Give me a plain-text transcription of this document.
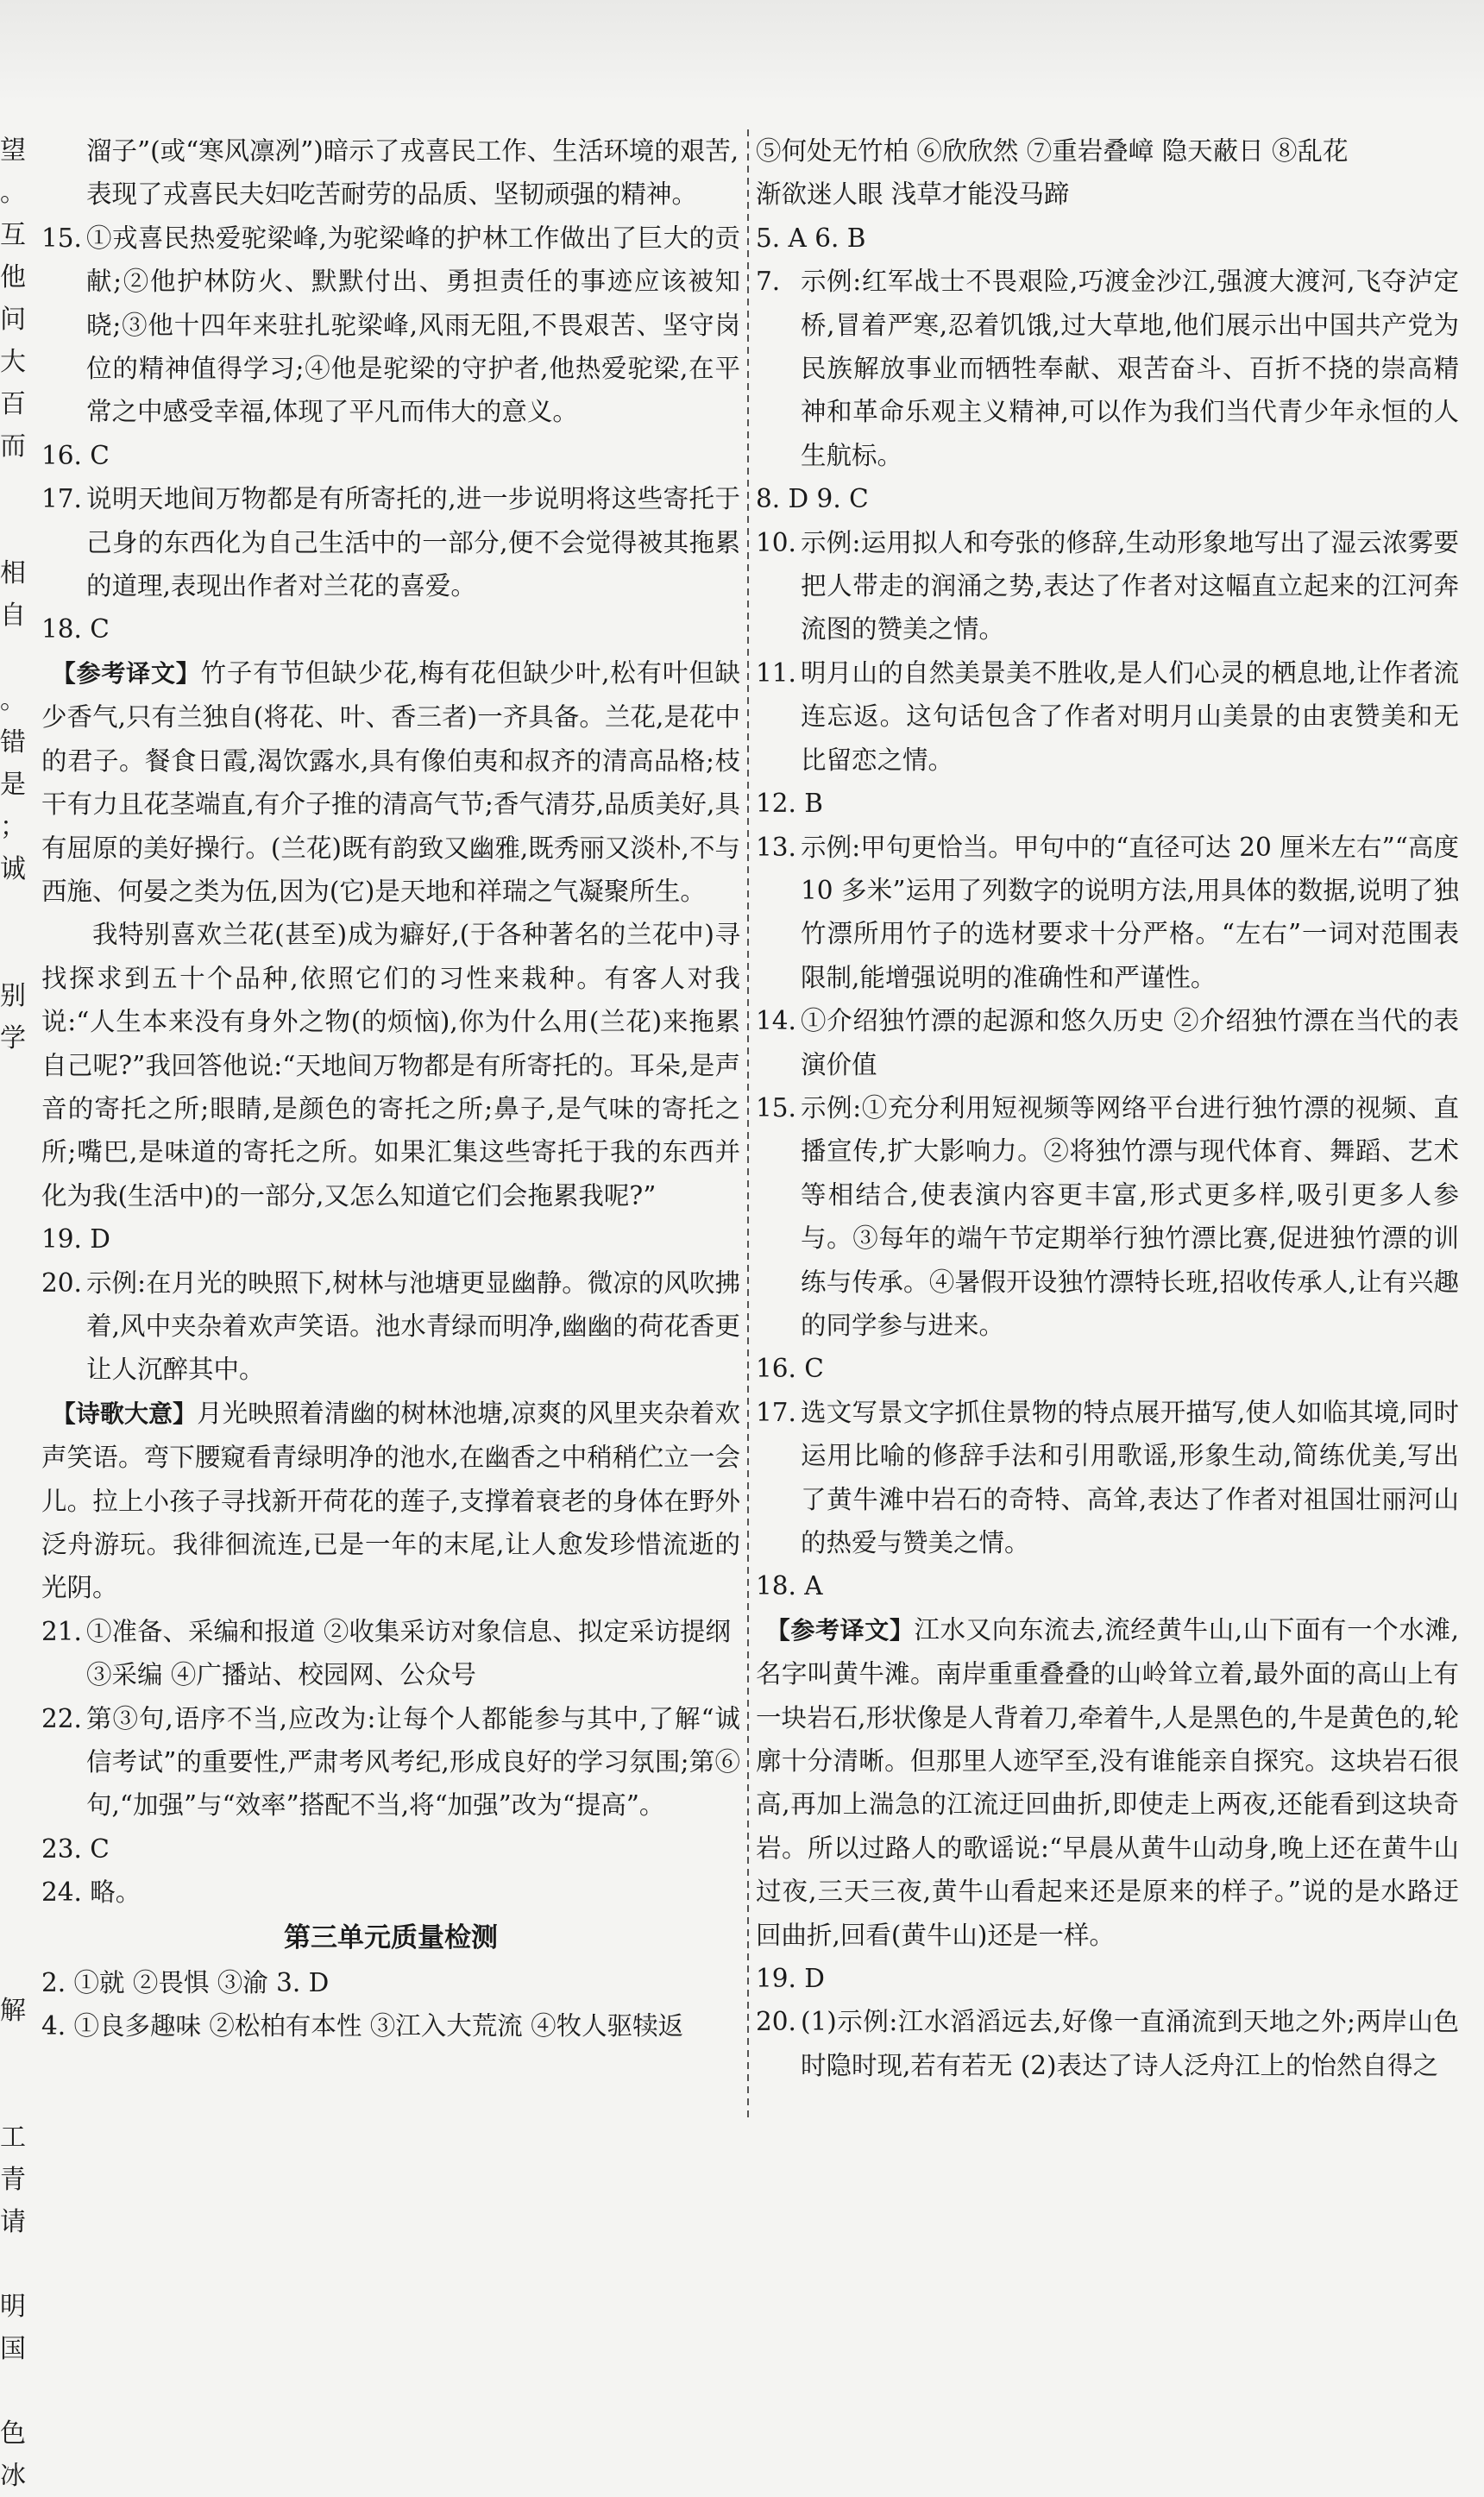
望
。
互
他
问
大
百
而
相
自
。
错
是
；
诚
别
学
解
工
青
请
明
国
色
冰
溜子”(或“寒风凛冽”)暗示了戎喜民工作、生活环境的艰苦,
表现了戎喜民夫妇吃苦耐劳的品质、坚韧顽强的精神。
15. ①戎喜民热爱驼梁峰,为驼梁峰的护林工作做出了巨大的贡献;②他护林防火、默默付出、勇担责任的事迹应该被知晓;③他十四年来驻扎驼梁峰,风雨无阻,不畏艰苦、坚守岗位的精神值得学习;④他是驼梁的守护者,他热爱驼梁,在平常之中感受幸福,体现了平凡而伟大的意义。
16. C
17. 说明天地间万物都是有所寄托的,进一步说明将这些寄托于己身的东西化为自己生活中的一部分,便不会觉得被其拖累的道理,表现出作者对兰花的喜爱。
18. C
【参考译文】竹子有节但缺少花,梅有花但缺少叶,松有叶但缺少香气,只有兰独自(将花、叶、香三者)一齐具备。兰花,是花中的君子。餐食日霞,渴饮露水,具有像伯夷和叔齐的清高品格;枝干有力且花茎端直,有介子推的清高气节;香气清芬,品质美好,具有屈原的美好操行。(兰花)既有韵致又幽雅,既秀丽又淡朴,不与西施、何晏之类为伍,因为(它)是天地和祥瑞之气凝聚所生。
我特别喜欢兰花(甚至)成为癖好,(于各种著名的兰花中)寻找探求到五十个品种,依照它们的习性来栽种。有客人对我说:“人生本来没有身外之物(的烦恼),你为什么用(兰花)来拖累自己呢?”我回答他说:“天地间万物都是有所寄托的。耳朵,是声音的寄托之所;眼睛,是颜色的寄托之所;鼻子,是气味的寄托之所;嘴巴,是味道的寄托之所。如果汇集这些寄托于我的东西并化为我(生活中)的一部分,又怎么知道它们会拖累我呢?”
19. D
20. 示例:在月光的映照下,树林与池塘更显幽静。微凉的风吹拂着,风中夹杂着欢声笑语。池水青绿而明净,幽幽的荷花香更让人沉醉其中。
【诗歌大意】月光映照着清幽的树林池塘,凉爽的风里夹杂着欢声笑语。弯下腰窥看青绿明净的池水,在幽香之中稍稍伫立一会儿。拉上小孩子寻找新开荷花的莲子,支撑着衰老的身体在野外泛舟游玩。我徘徊流连,已是一年的末尾,让人愈发珍惜流逝的光阴。
21. ①准备、采编和报道 ②收集采访对象信息、拟定采访提纲
③采编 ④广播站、校园网、公众号
22. 第③句,语序不当,应改为:让每个人都能参与其中,了解“诚信考试”的重要性,严肃考风考纪,形成良好的学习氛围;第⑥句,“加强”与“效率”搭配不当,将“加强”改为“提高”。
23. C
24. 略。
第三单元质量检测
2. ①就 ②畏惧 ③渝 3. D
4. ①良多趣味 ②松柏有本性 ③江入大荒流 ④牧人驱犊返
⑤何处无竹柏 ⑥欣欣然 ⑦重岩叠嶂 隐天蔽日 ⑧乱花
渐欲迷人眼 浅草才能没马蹄
5. A 6. B
7. 示例:红军战士不畏艰险,巧渡金沙江,强渡大渡河,飞夺泸定桥,冒着严寒,忍着饥饿,过大草地,他们展示出中国共产党为民族解放事业而牺牲奉献、艰苦奋斗、百折不挠的崇高精神和革命乐观主义精神,可以作为我们当代青少年永恒的人生航标。
8. D 9. C
10. 示例:运用拟人和夸张的修辞,生动形象地写出了湿云浓雾要把人带走的润涌之势,表达了作者对这幅直立起来的江河奔流图的赞美之情。
11. 明月山的自然美景美不胜收,是人们心灵的栖息地,让作者流连忘返。这句话包含了作者对明月山美景的由衷赞美和无比留恋之情。
12. B
13. 示例:甲句更恰当。甲句中的“直径可达 20 厘米左右”“高度 10 多米”运用了列数字的说明方法,用具体的数据,说明了独竹漂所用竹子的选材要求十分严格。“左右”一词对范围表限制,能增强说明的准确性和严谨性。
14. ①介绍独竹漂的起源和悠久历史 ②介绍独竹漂在当代的表演价值
15. 示例:①充分利用短视频等网络平台进行独竹漂的视频、直播宣传,扩大影响力。②将独竹漂与现代体育、舞蹈、艺术等相结合,使表演内容更丰富,形式更多样,吸引更多人参与。③每年的端午节定期举行独竹漂比赛,促进独竹漂的训练与传承。④暑假开设独竹漂特长班,招收传承人,让有兴趣的同学参与进来。
16. C
17. 选文写景文字抓住景物的特点展开描写,使人如临其境,同时运用比喻的修辞手法和引用歌谣,形象生动,简练优美,写出了黄牛滩中岩石的奇特、高耸,表达了作者对祖国壮丽河山的热爱与赞美之情。
18. A
【参考译文】江水又向东流去,流经黄牛山,山下面有一个水滩,名字叫黄牛滩。南岸重重叠叠的山岭耸立着,最外面的高山上有一块岩石,形状像是人背着刀,牵着牛,人是黑色的,牛是黄色的,轮廓十分清晰。但那里人迹罕至,没有谁能亲自探究。这块岩石很高,再加上湍急的江流迂回曲折,即使走上两夜,还能看到这块奇岩。所以过路人的歌谣说:“早晨从黄牛山动身,晚上还在黄牛山过夜,三天三夜,黄牛山看起来还是原来的样子。”说的是水路迂回曲折,回看(黄牛山)还是一样。
19. D
20. (1)示例:江水滔滔远去,好像一直涌流到天地之外;两岸山色时隐时现,若有若无 (2)表达了诗人泛舟江上的怡然自得之
